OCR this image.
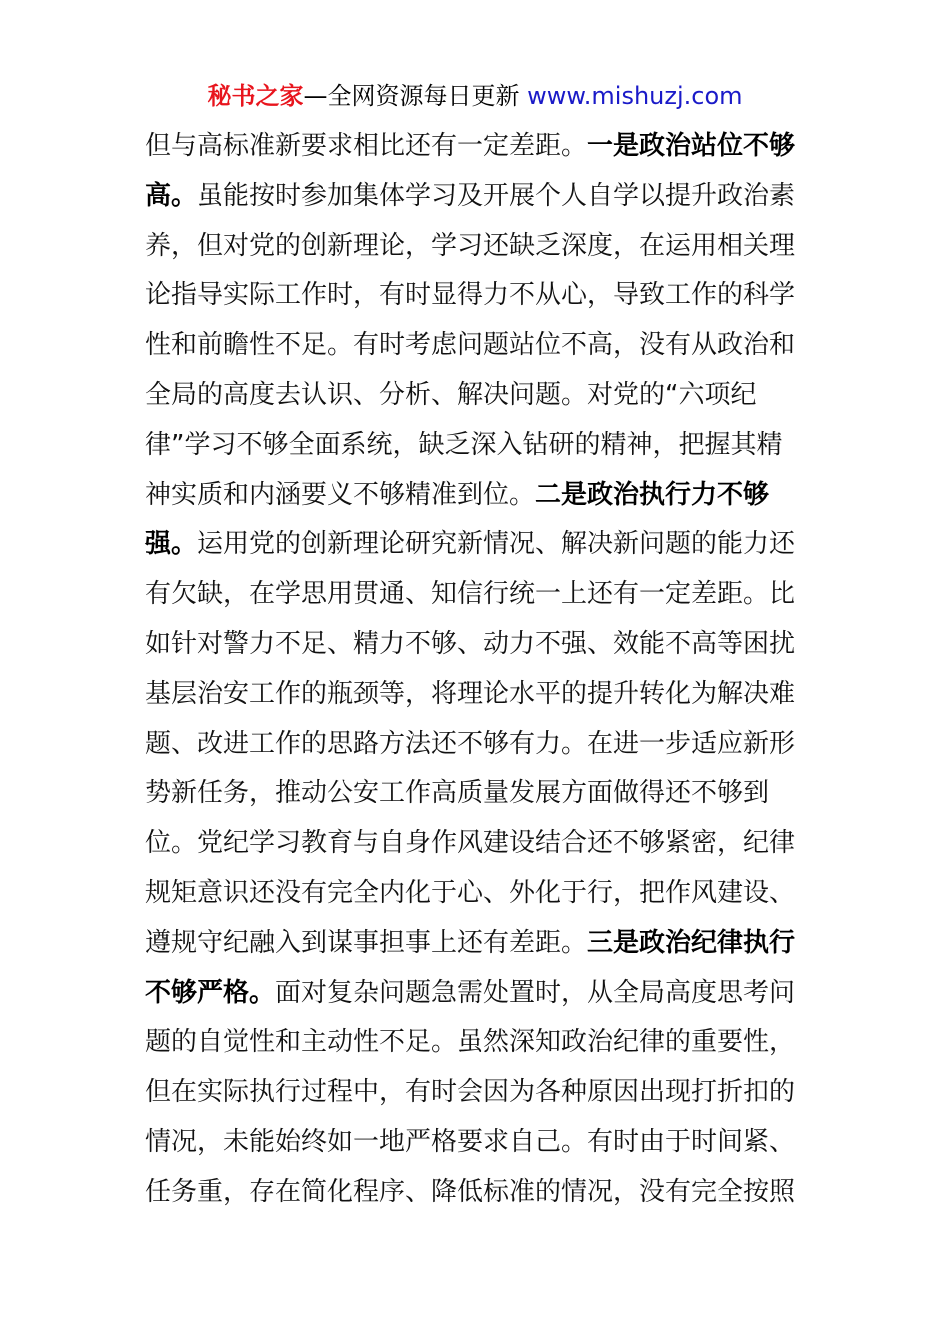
秘书之家—全网资源每日更新 www.mishuzj.com
但与高标准新要求相比还有一定差距。一是政治站位不够
高。虽能按时参加集体学习及开展个人自学以提升政治素
养，但对党的创新理论，学习还缺乏深度，在运用相关理
论指导实际工作时，有时显得力不从心，导致工作的科学
性和前瞻性不足。有时考虑问题站位不高，没有从政治和
全局的高度去认识、分析、解决问题。对党的“六项纪
律”学习不够全面系统，缺乏深入钻研的精神，把握其精
神实质和内涵要义不够精准到位。二是政治执行力不够
强。运用党的创新理论研究新情况、解决新问题的能力还
有欠缺，在学思用贯通、知信行统一上还有一定差距。比
如针对警力不足、精力不够、动力不强、效能不高等困扰
基层治安工作的瓶颈等，将理论水平的提升转化为解决难
题、改进工作的思路方法还不够有力。在进一步适应新形
势新任务，推动公安工作高质量发展方面做得还不够到
位。党纪学习教育与自身作风建设结合还不够紧密，纪律
规矩意识还没有完全内化于心、外化于行，把作风建设、
遵规守纪融入到谋事担事上还有差距。三是政治纪律执行
不够严格。面对复杂问题急需处置时，从全局高度思考问
题的自觉性和主动性不足。虽然深知政治纪律的重要性，
但在实际执行过程中，有时会因为各种原因出现打折扣的
情况，未能始终如一地严格要求自己。有时由于时间紧、
任务重，存在简化程序、降低标准的情况，没有完全按照
